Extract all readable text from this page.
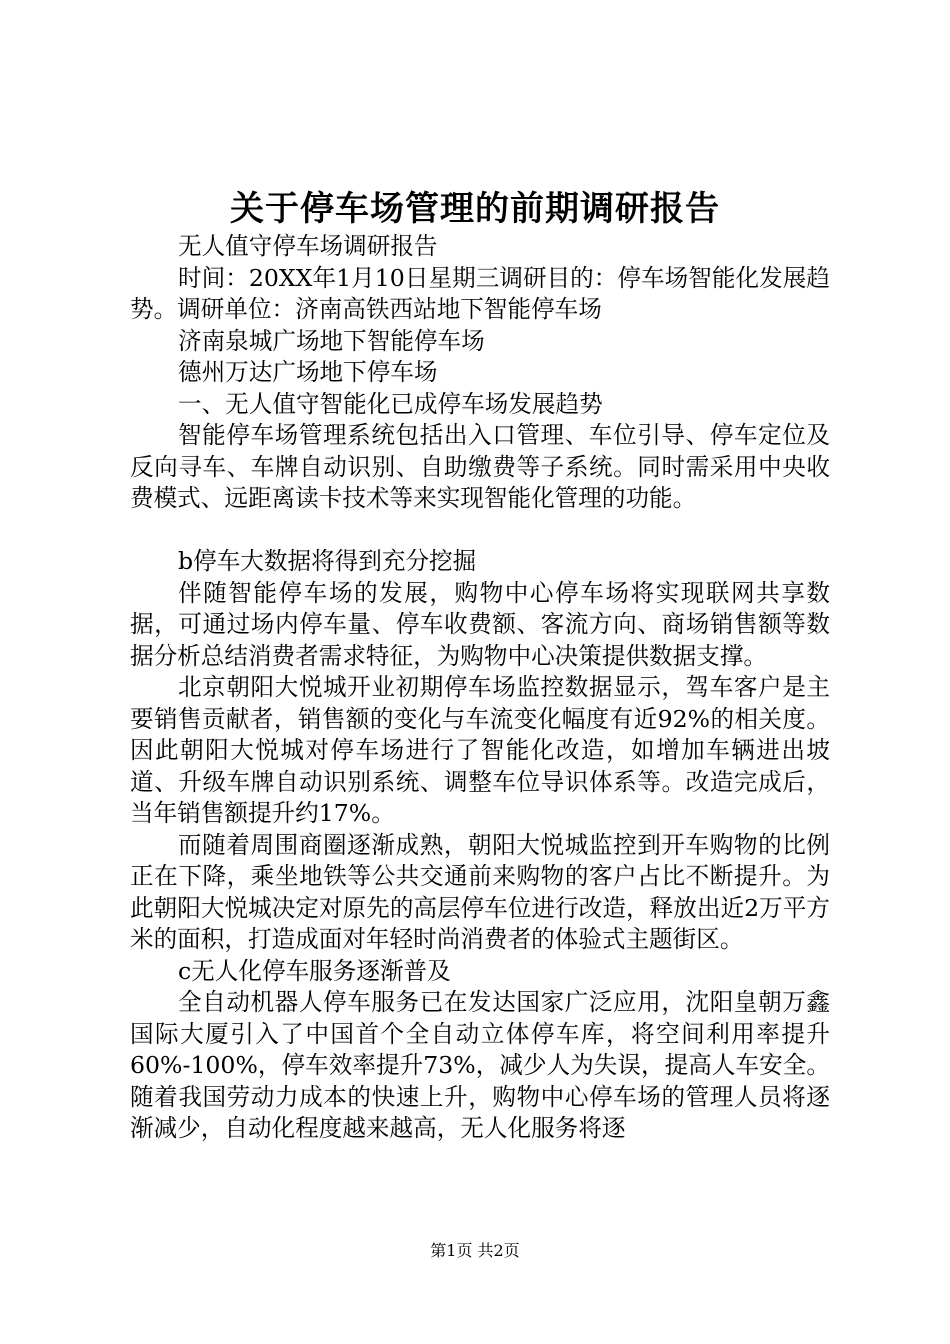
关于停车场管理的前期调研报告

无人值守停车场调研报告

时间：20XX年1月10日星期三调研目的：停车场智能化发展趋势。调研单位：济南高铁西站地下智能停车场

济南泉城广场地下智能停车场

德州万达广场地下停车场

一、无人值守智能化已成停车场发展趋势

智能停车场管理系统包括出入口管理、车位引导、停车定位及反向寻车、车牌自动识别、自助缴费等子系统。同时需采用中央收费模式、远距离读卡技术等来实现智能化管理的功能。

b停车大数据将得到充分挖掘

伴随智能停车场的发展，购物中心停车场将实现联网共享数据，可通过场内停车量、停车收费额、客流方向、商场销售额等数据分析总结消费者需求特征，为购物中心决策提供数据支撑。

北京朝阳大悦城开业初期停车场监控数据显示，驾车客户是主要销售贡献者，销售额的变化与车流变化幅度有近92%的相关度。因此朝阳大悦城对停车场进行了智能化改造，如增加车辆进出坡道、升级车牌自动识别系统、调整车位导识体系等。改造完成后，当年销售额提升约17%。

而随着周围商圈逐渐成熟，朝阳大悦城监控到开车购物的比例正在下降，乘坐地铁等公共交通前来购物的客户占比不断提升。为此朝阳大悦城决定对原先的高层停车位进行改造，释放出近2万平方米的面积，打造成面对年轻时尚消费者的体验式主题街区。

c无人化停车服务逐渐普及

全自动机器人停车服务已在发达国家广泛应用，沈阳皇朝万鑫国际大厦引入了中国首个全自动立体停车库，将空间利用率提升60%-100%，停车效率提升73%，减少人为失误，提高人车安全。随着我国劳动力成本的快速上升，购物中心停车场的管理人员将逐渐减少，自动化程度越来越高，无人化服务将逐

第1页 共2页
